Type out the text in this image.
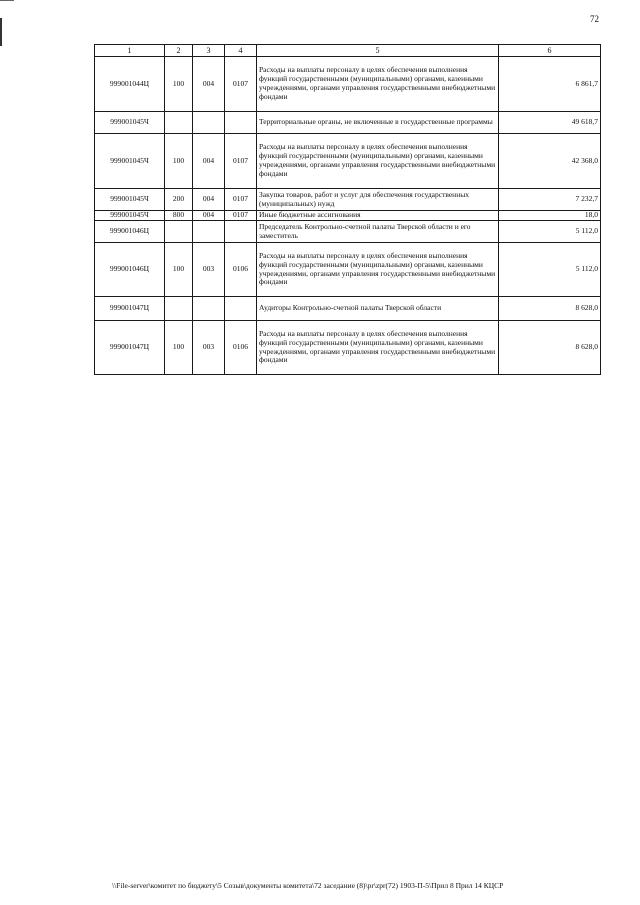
72
1	2	3	4	5	6
999001044Ц	100	004	0107	Расходы на выплаты персоналу в целях обеспечения выполнения функций государственными (муниципальными) органами, казенными учреждениями, органами управления государственными внебюджетными фондами	6 861,7
999001045Ч				Территориальные органы, не включенные в государственные программы	49 618,7
999001045Ч	100	004	0107	Расходы на выплаты персоналу в целях обеспечения выполнения функций государственными (муниципальными) органами, казенными учреждениями, органами управления государственными внебюджетными фондами	42 368,0
999001045Ч	200	004	0107	Закупка товаров, работ и услуг для обеспечения государственных (муниципальных) нужд	7 232,7
999001045Ч	800	004	0107	Иные бюджетные ассигнования	18,0
999001046Ц				Председатель Контрольно-счетной палаты Тверской области и его заместитель	5 112,0
999001046Ц	100	003	0106	Расходы на выплаты персоналу в целях обеспечения выполнения функций государственными (муниципальными) органами, казенными учреждениями, органами управления государственными внебюджетными фондами	5 112,0
999001047Ц				Аудиторы Контрольно-счетной палаты Тверской области	8 628,0
999001047Ц	100	003	0106	Расходы на выплаты персоналу в целях обеспечения выполнения функций государственными (муниципальными) органами, казенными учреждениями, органами управления государственными внебюджетными фондами	8 628,0
\\File-server\комитет по бюджету\5 Созыв\документы комитета\72 заседание (8)\pr\zpr(72) 1903-П-5\Прил 8 Прил 14 КЦСР
